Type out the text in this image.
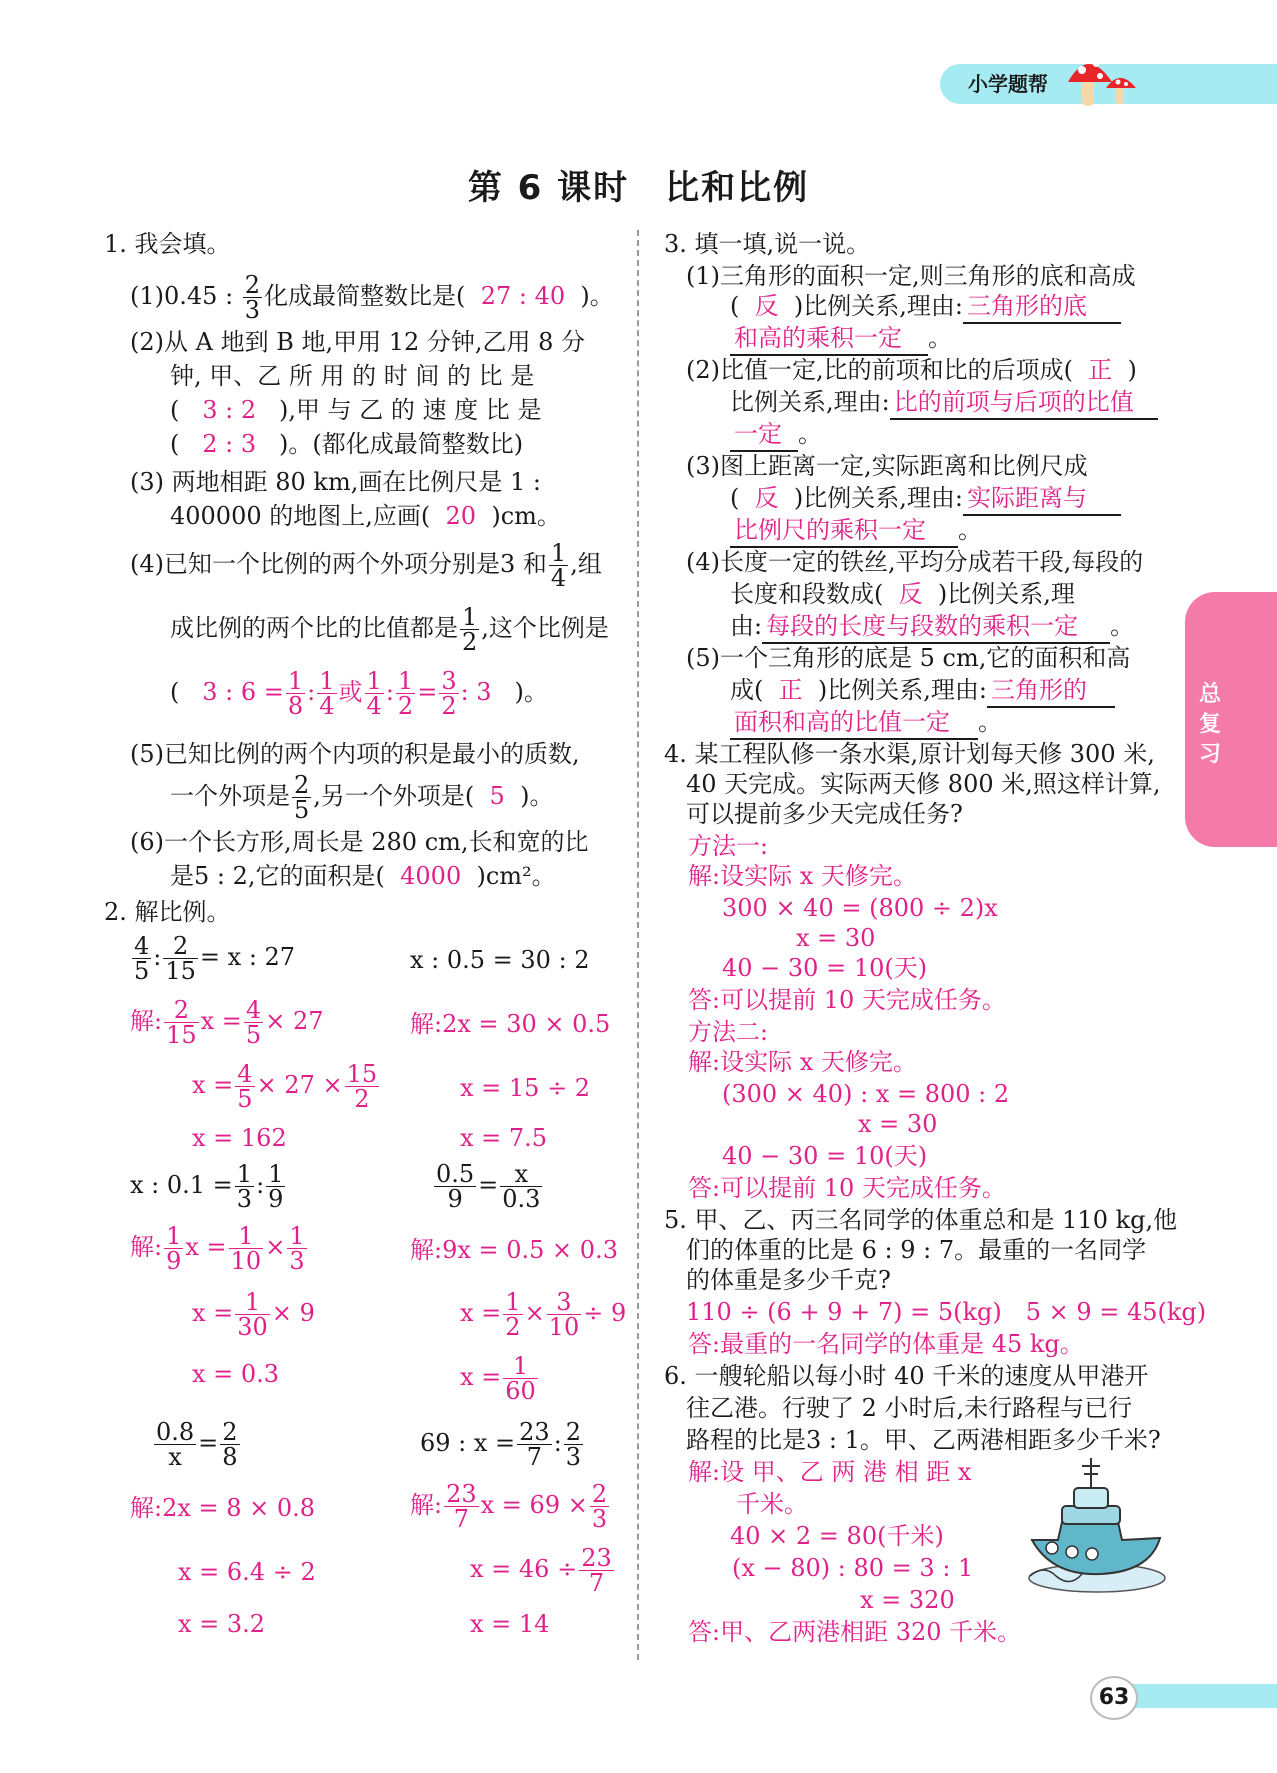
小学题帮
第 6 课时　比和比例
总复习
63
1. 我会填。
(1)0.45 : $\frac{2}{3}$ 化成最简整数比是( 27 : 40 )。
(2)从 A 地到 B 地,甲用 12 分钟,乙用 8 分
钟, 甲、乙 所 用 的 时 间 的 比 是
( 3 : 2 ),甲 与 乙 的 速 度 比 是
( 2 : 3 )。(都化成最简整数比)
(3) 两地相距 80 km,画在比例尺是 1 :
400000 的地图上,应画( 20 )cm。
(4)已知一个比例的两个外项分别是3 和 $\frac{1}{4}$ ,组
成比例的两个比的比值都是 $\frac{1}{2}$ ,这个比例是
( 3 : $6 = \frac{1}{8}$ : $\frac{1}{4}$ 或 $\frac{1}{4}$ : $\frac{1}{2} = \frac{3}{2}$ : 3 )。
(5)已知比例的两个内项的积是最小的质数,
一个外项是 $\frac{2}{5}$ ,另一个外项是( 5 )。
(6)一个长方形,周长是 280 cm,长和宽的比
是5 : 2,它的面积是( 4000 )cm²。
2. 解比例。
$\frac{4}{5}$ : $\frac{2}{15} = x$ : 27
解: $\frac{2}{15}$ $x = \frac{4}{5} \times 27$
$x = \frac{4}{5} \times 27 \times \frac{15}{2}$
x = 162
x : 0.5 = 30 : 2
解:2x = 30 × 0.5
x = 15 ÷ 2
x = 7.5
x : $0.1 = \frac{1}{3}$ : $\frac{1}{9}$
解: $\frac{1}{9}$ $x = \frac{1}{10} \times \frac{1}{3}$
$x = \frac{1}{30} \times 9$
x = 0.3
$\frac{0.5}{9} = \frac{x}{0.3}$
解:9x = 0.5 × 0.3
$x = \frac{1}{2} \times \frac{3}{10} \div 9$
$x = \frac{1}{60}$
$\frac{0.8}{x} = \frac{2}{8}$
解:2x = 8 × 0.8
x = 6.4 ÷ 2
x = 3.2
69 : $x = \frac{23}{7}$ : $\frac{2}{3}$
解: $\frac{23}{7}$ $x = 69 \times \frac{2}{3}$
$x = 46 \div \frac{23}{7}$
x = 14
3. 填一填,说一说。
(1)三角形的面积一定,则三角形的底和高成
( 反 )比例关系,理由: 三角形的底
和高的乘积一定 。
(2)比值一定,比的前项和比的后项成( 正 )
比例关系,理由: 比的前项与后项的比值
一定 。
(3)图上距离一定,实际距离和比例尺成
( 反 )比例关系,理由: 实际距离与
比例尺的乘积一定 。
(4)长度一定的铁丝,平均分成若干段,每段的
长度和段数成( 反 )比例关系,理
由: 每段的长度与段数的乘积一定 。
(5)一个三角形的底是 5 cm,它的面积和高
成( 正 )比例关系,理由: 三角形的
面积和高的比值一定 。
4. 某工程队修一条水渠,原计划每天修 300 米,
40 天完成。实际两天修 800 米,照这样计算,
可以提前多少天完成任务?
方法一:
解:设实际 x 天修完。
300 × 40 = (800 ÷ 2)x
x = 30
40 − 30 = 10(天)
答:可以提前 10 天完成任务。
方法二:
解:设实际 x 天修完。
(300 × 40) : x = 800 : 2
x = 30
40 − 30 = 10(天)
答:可以提前 10 天完成任务。
5. 甲、乙、丙三名同学的体重总和是 110 kg,他
们的体重的比是 6 : 9 : 7。最重的一名同学
的体重是多少千克?
110 ÷ (6 + 9 + 7) = 5(kg)　5 × 9 = 45(kg)
答:最重的一名同学的体重是 45 kg。
6. 一艘轮船以每小时 40 千米的速度从甲港开
往乙港。行驶了 2 小时后,未行路程与已行
路程的比是3 : 1。甲、乙两港相距多少千米?
解:设 甲、乙 两 港 相 距 x
千米。
40 × 2 = 80(千米)
(x − 80) : 80 = 3 : 1
x = 320
答:甲、乙两港相距 320 千米。
